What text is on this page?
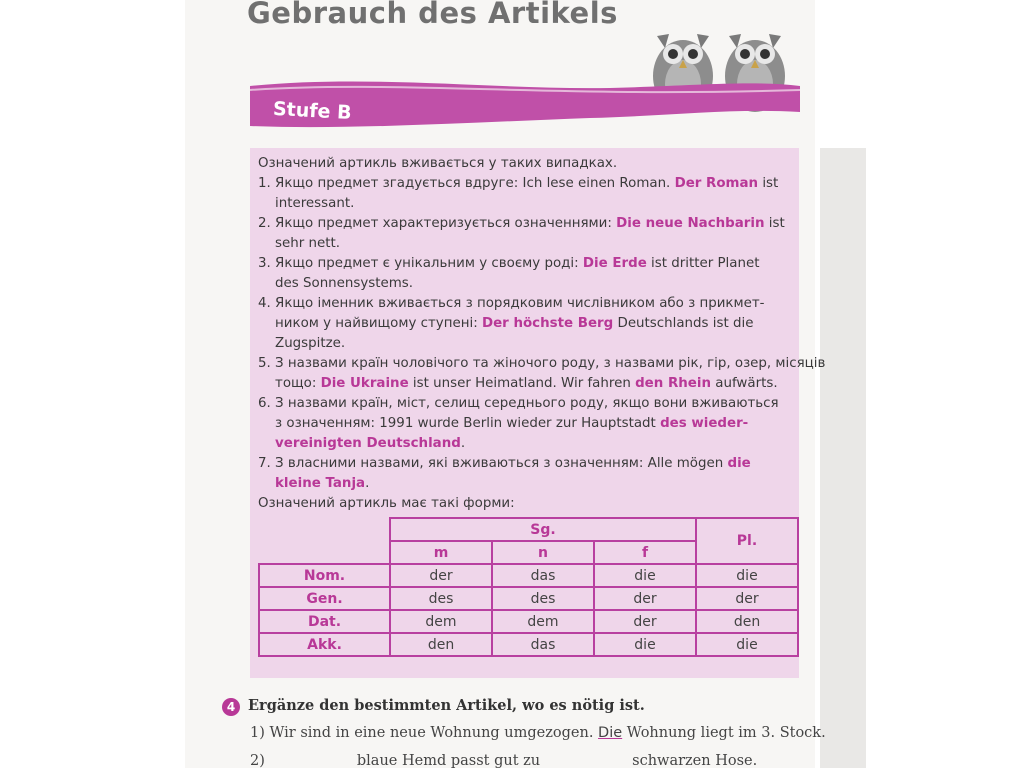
Gebrauch des Artikels
Stufe B
Означений артикль вживається у таких випадках.
1. Якщо предмет згадується вдруге: Ich lese einen Roman. Der Roman ist
interessant.
2. Якщо предмет характеризується означеннями: Die neue Nachbarin ist
sehr nett.
3. Якщо предмет є унікальним у своєму роді: Die Erde ist dritter Planet
des Sonnensystems.
4. Якщо іменник вживається з порядковим числівником або з прикмет-
ником у найвищому ступені: Der höchste Berg Deutschlands ist die
Zugspitze.
5. З назвами країн чоловічого та жіночого роду, з назвами рік, гір, озер, місяців
тощо: Die Ukraine ist unser Heimatland. Wir fahren den Rhein aufwärts.
6. З назвами країн, міст, селищ середнього роду, якщо вони вживаються
з означенням: 1991 wurde Berlin wieder zur Hauptstadt des wieder-
vereinigten Deutschland.
7. З власними назвами, які вживаються з означенням: Alle mögen die
kleine Tanja.
Означений артикль має такі форми:
	Sg.			Pl.
	m	n	f	
Nom.	der	das	die	die
Gen.	des	des	der	der
Dat.	dem	dem	der	den
Akk.	den	das	die	die
4 Ergänze den bestimmten Artikel, wo es nötig ist.
1) Wir sind in eine neue Wohnung umgezogen. Die Wohnung liegt im 3. Stock.
2)	blaue Hemd passt gut zu	schwarzen Hose.
